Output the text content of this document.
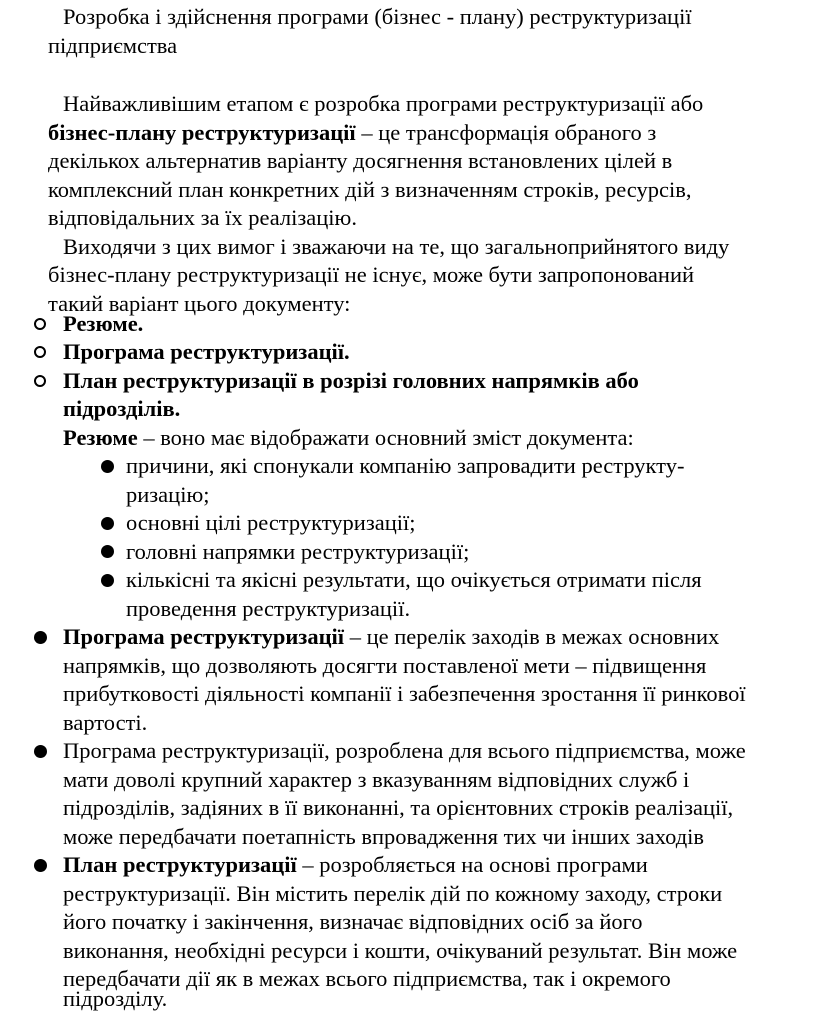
Розробка і здійснення програми (бізнес - плану) реструктуризації
підприємства
Найважливішим етапом є розробка програми реструктуризації або
бізнес-плану реструктуризації – це трансформація обраного з
декількох альтернатив варіанту досягнення встановлених цілей в
комплексний план конкретних дій з визначенням строків, ресурсів,
відповідальних за їх реалізацію.
Виходячи з цих вимог і зважаючи на те, що загальноприйнятого виду
бізнес-плану реструктуризації не існує, може бути запропонований
такий варіант цього документу:
Резюме.
Програма реструктуризації.
План реструктуризації в розрізі головних напрямків або
підрозділів.
Резюме – воно має відображати основний зміст документа:
причини, які спонукали компанію запровадити реструкту-
ризацію;
основні цілі реструктуризації;
головні напрямки реструктуризації;
кількісні та якісні результати, що очікується отримати після
проведення реструктуризації.
Програма реструктуризації – це перелік заходів в межах основних
напрямків, що дозволяють досягти поставленої мети – підвищення
прибутковості діяльності компанії і забезпечення зростання її ринкової
вартості.
Програма реструктуризації, розроблена для всього підприємства, може
мати доволі крупний характер з вказуванням відповідних служб і
підрозділів, задіяних в її виконанні, та орієнтовних строків реалізації,
може передбачати поетапність впровадження тих чи інших заходів
План реструктуризації – розробляється на основі програми
реструктуризації. Він містить перелік дій по кожному заходу, строки
його початку і закінчення, визначає відповідних осіб за його
виконання, необхідні ресурси і кошти, очікуваний результат. Він може
передбачати дії як в межах всього підприємства, так і окремого
підрозділу.
